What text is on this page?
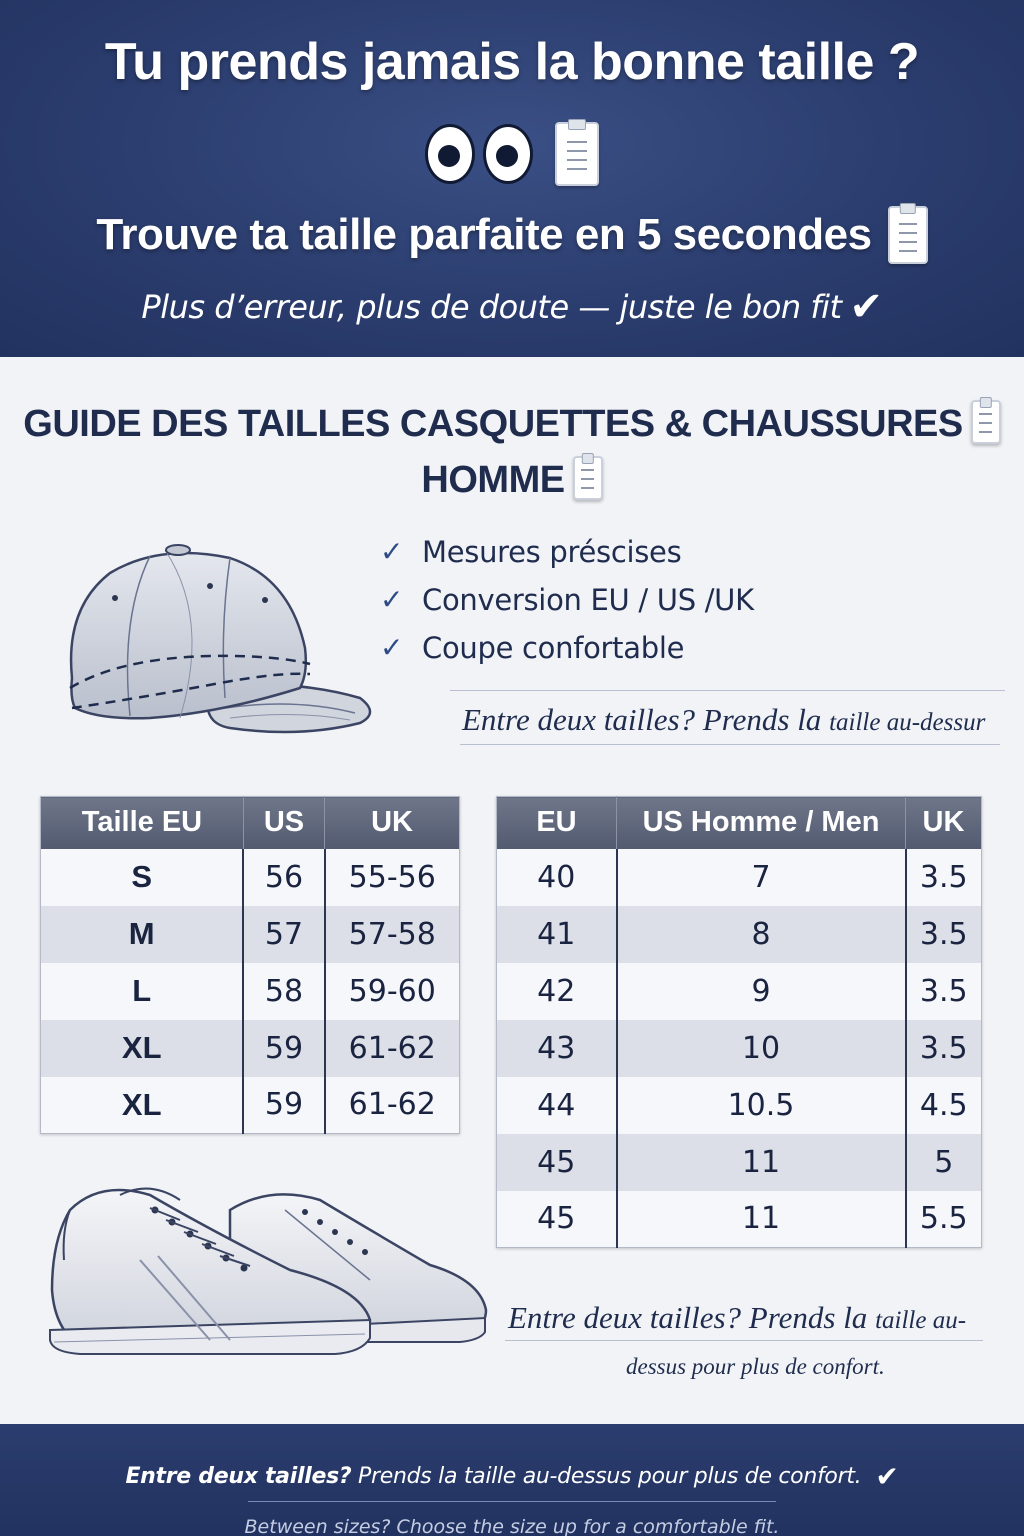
Tu prends jamais la bonne taille ?
Trouve ta taille parfaite en 5 secondes
Plus d’erreur, plus de doute — juste le bon fit ✔
GUIDE DES TAILLES CASQUETTES & CHAUSSURES
HOMME
✓ Mesures préscises
✓ Conversion EU / US /UK
✓ Coupe confortable
Entre deux tailles? Prends la taille au-dessur
Taille EU	US	UK
S	56	55-56
M	57	57-58
L	58	59-60
XL	59	61-62
XL	59	61-62
EU	US Homme / Men	UK
40	7	3.5
41	8	3.5
42	9	3.5
43	10	3.5
44	10.5	4.5
45	11	5
45	11	5.5
Entre deux tailles? Prends la taille au-
dessus pour plus de confort.
Entre deux tailles? Prends la taille au-dessus pour plus de confort. ✔
Between sizes? Choose the size up for a comfortable fit.
